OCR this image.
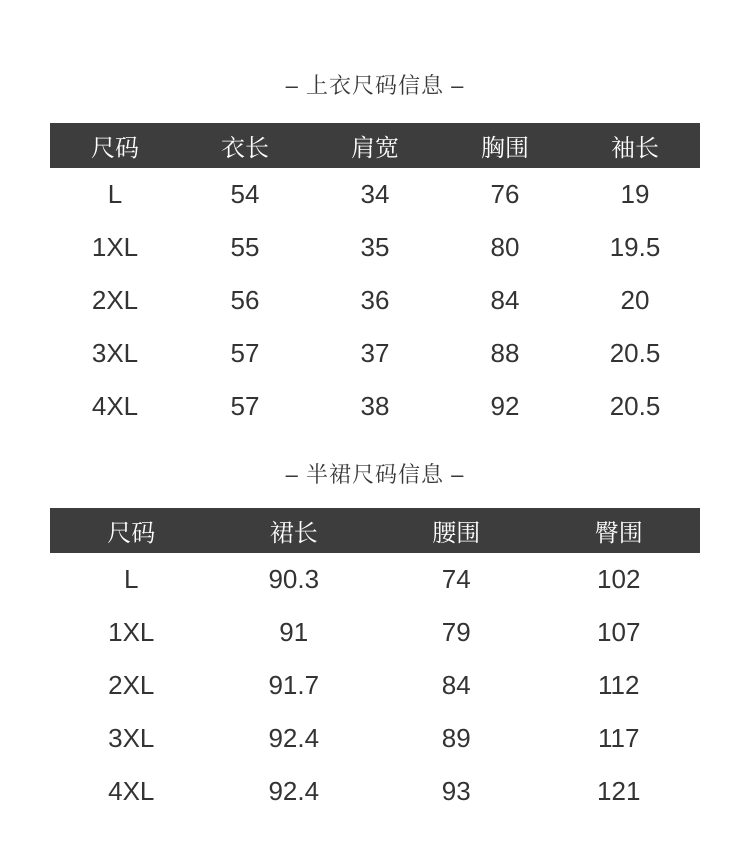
– 上衣尺码信息 –
尺码	衣长	肩宽	胸围	袖长
L	54	34	76	19
1XL	55	35	80	19.5
2XL	56	36	84	20
3XL	57	37	88	20.5
4XL	57	38	92	20.5
– 半裙尺码信息 –
尺码	裙长	腰围	臀围
L	90.3	74	102
1XL	91	79	107
2XL	91.7	84	112
3XL	92.4	89	117
4XL	92.4	93	121
